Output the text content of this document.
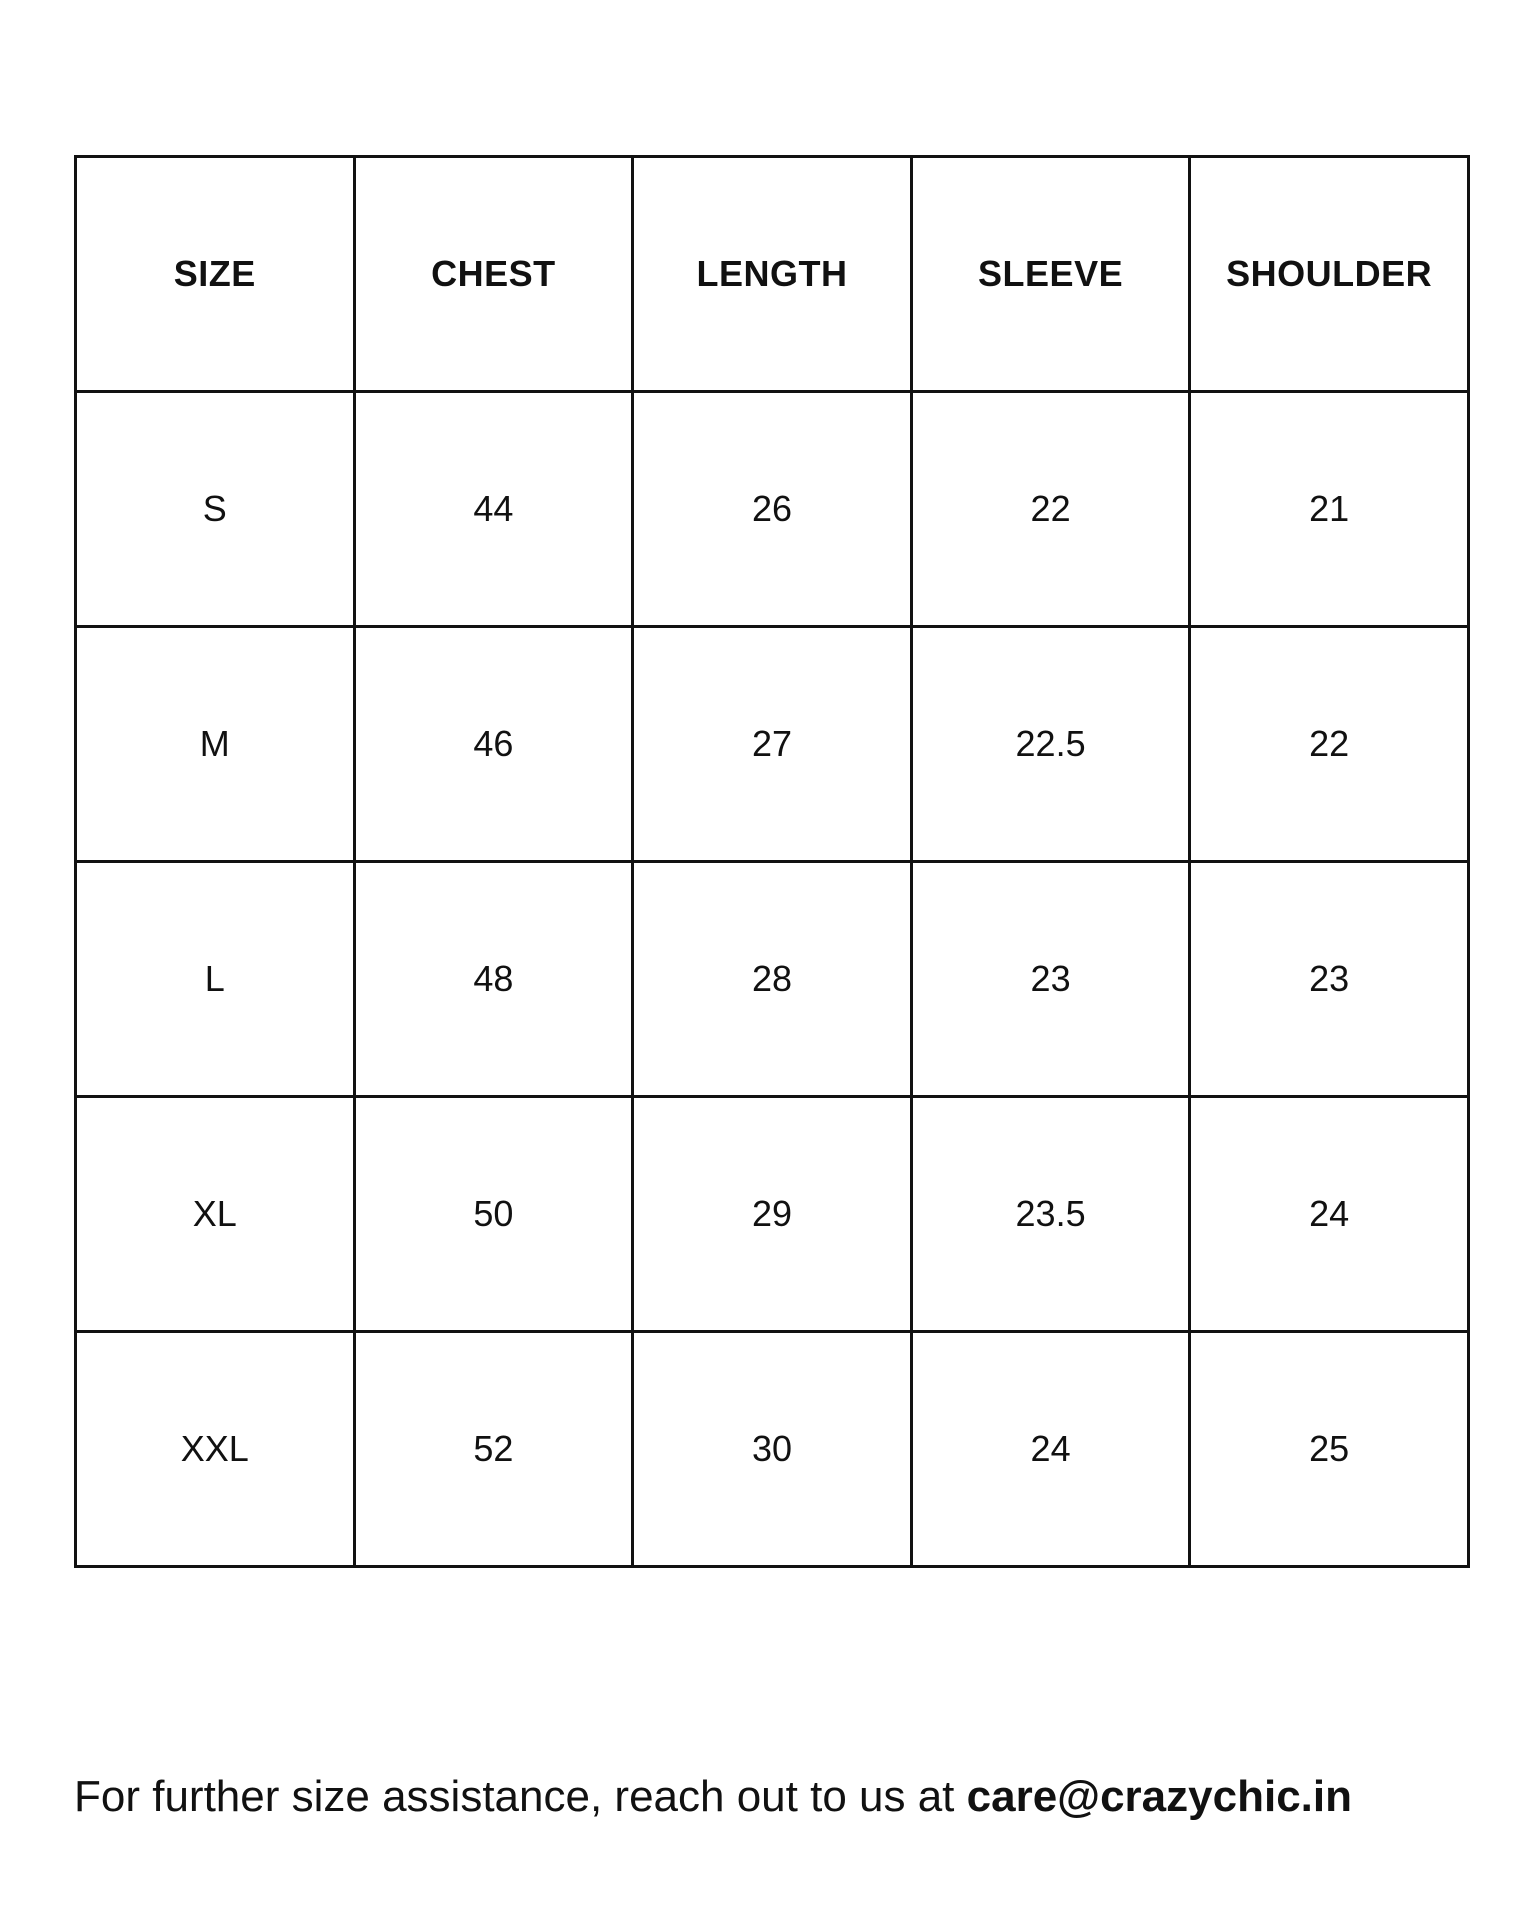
SIZE	CHEST	LENGTH	SLEEVE	SHOULDER
S	44	26	22	21
M	46	27	22.5	22
L	48	28	23	23
XL	50	29	23.5	24
XXL	52	30	24	25
For further size assistance, reach out to us at care@crazychic.in
